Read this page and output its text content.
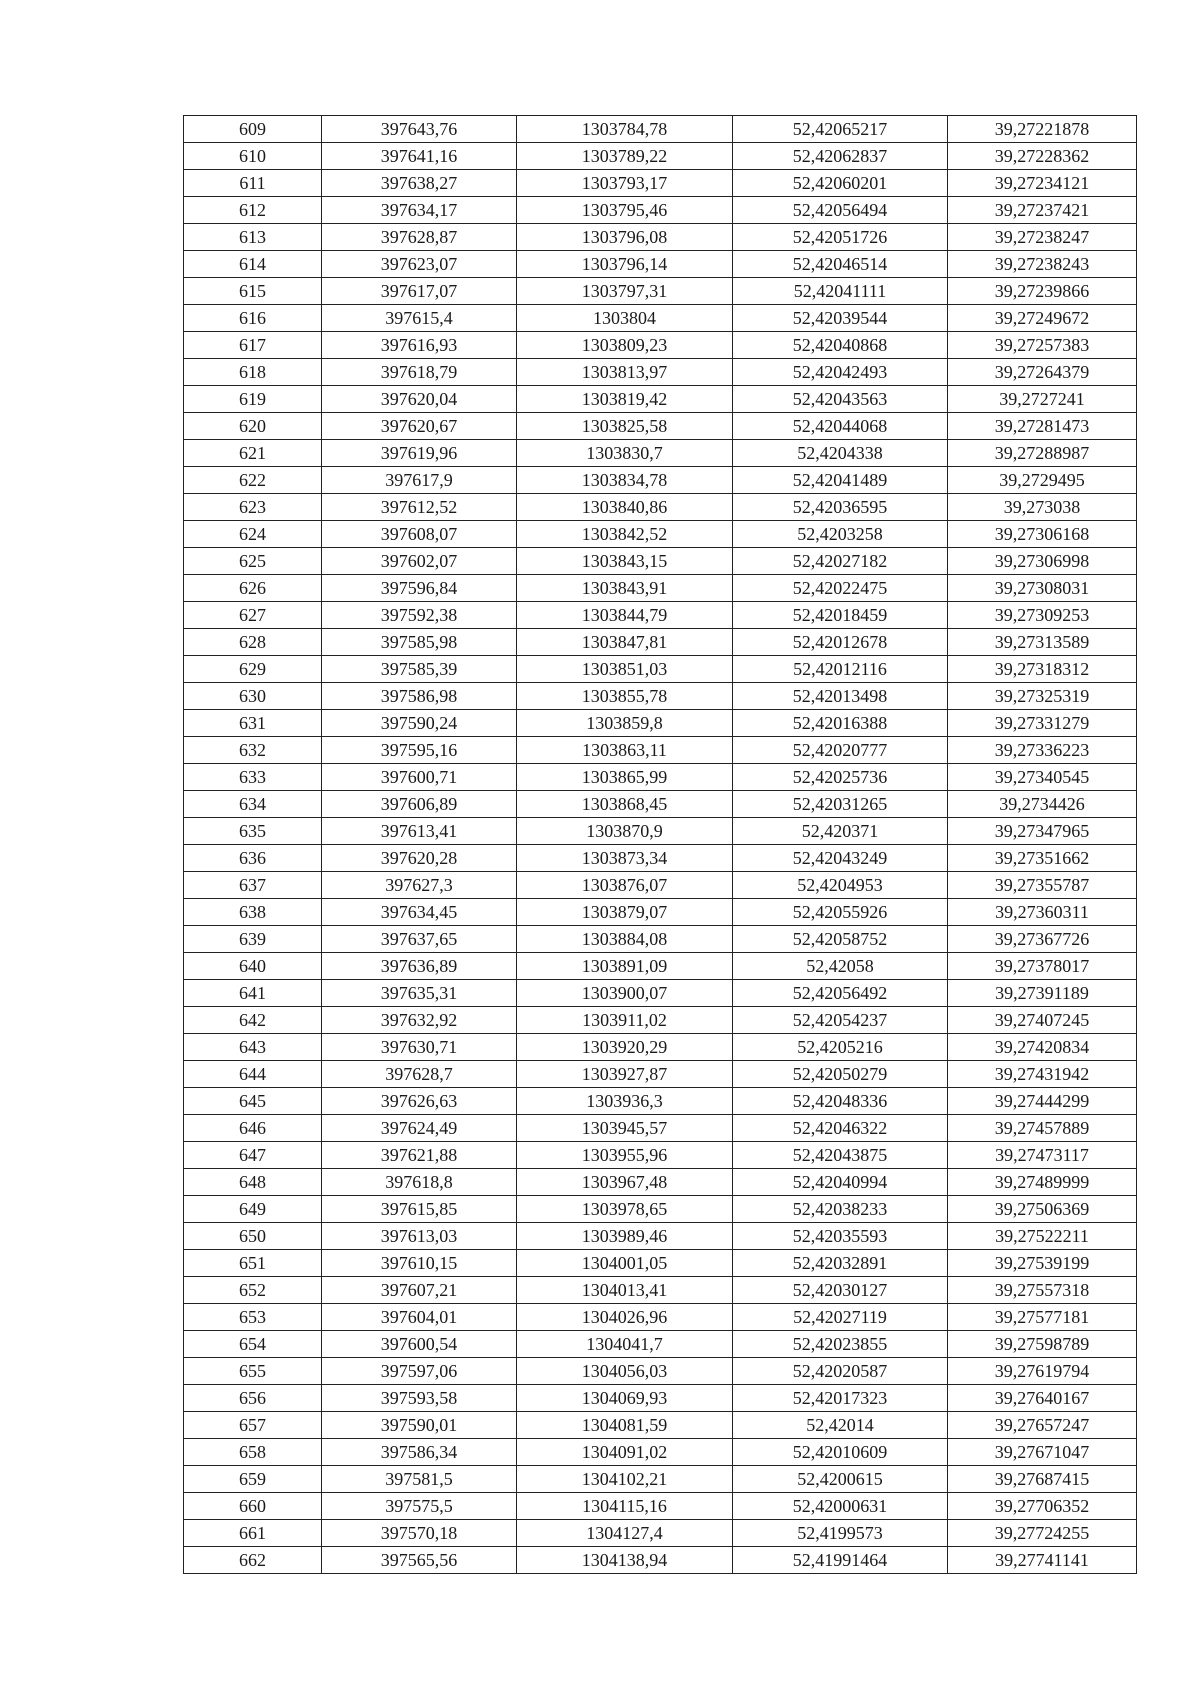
609	397643,76	1303784,78	52,42065217	39,27221878
610	397641,16	1303789,22	52,42062837	39,27228362
611	397638,27	1303793,17	52,42060201	39,27234121
612	397634,17	1303795,46	52,42056494	39,27237421
613	397628,87	1303796,08	52,42051726	39,27238247
614	397623,07	1303796,14	52,42046514	39,27238243
615	397617,07	1303797,31	52,42041111	39,27239866
616	397615,4	1303804	52,42039544	39,27249672
617	397616,93	1303809,23	52,42040868	39,27257383
618	397618,79	1303813,97	52,42042493	39,27264379
619	397620,04	1303819,42	52,42043563	39,2727241
620	397620,67	1303825,58	52,42044068	39,27281473
621	397619,96	1303830,7	52,4204338	39,27288987
622	397617,9	1303834,78	52,42041489	39,2729495
623	397612,52	1303840,86	52,42036595	39,273038
624	397608,07	1303842,52	52,4203258	39,27306168
625	397602,07	1303843,15	52,42027182	39,27306998
626	397596,84	1303843,91	52,42022475	39,27308031
627	397592,38	1303844,79	52,42018459	39,27309253
628	397585,98	1303847,81	52,42012678	39,27313589
629	397585,39	1303851,03	52,42012116	39,27318312
630	397586,98	1303855,78	52,42013498	39,27325319
631	397590,24	1303859,8	52,42016388	39,27331279
632	397595,16	1303863,11	52,42020777	39,27336223
633	397600,71	1303865,99	52,42025736	39,27340545
634	397606,89	1303868,45	52,42031265	39,2734426
635	397613,41	1303870,9	52,420371	39,27347965
636	397620,28	1303873,34	52,42043249	39,27351662
637	397627,3	1303876,07	52,4204953	39,27355787
638	397634,45	1303879,07	52,42055926	39,27360311
639	397637,65	1303884,08	52,42058752	39,27367726
640	397636,89	1303891,09	52,42058	39,27378017
641	397635,31	1303900,07	52,42056492	39,27391189
642	397632,92	1303911,02	52,42054237	39,27407245
643	397630,71	1303920,29	52,4205216	39,27420834
644	397628,7	1303927,87	52,42050279	39,27431942
645	397626,63	1303936,3	52,42048336	39,27444299
646	397624,49	1303945,57	52,42046322	39,27457889
647	397621,88	1303955,96	52,42043875	39,27473117
648	397618,8	1303967,48	52,42040994	39,27489999
649	397615,85	1303978,65	52,42038233	39,27506369
650	397613,03	1303989,46	52,42035593	39,27522211
651	397610,15	1304001,05	52,42032891	39,27539199
652	397607,21	1304013,41	52,42030127	39,27557318
653	397604,01	1304026,96	52,42027119	39,27577181
654	397600,54	1304041,7	52,42023855	39,27598789
655	397597,06	1304056,03	52,42020587	39,27619794
656	397593,58	1304069,93	52,42017323	39,27640167
657	397590,01	1304081,59	52,42014	39,27657247
658	397586,34	1304091,02	52,42010609	39,27671047
659	397581,5	1304102,21	52,4200615	39,27687415
660	397575,5	1304115,16	52,42000631	39,27706352
661	397570,18	1304127,4	52,4199573	39,27724255
662	397565,56	1304138,94	52,41991464	39,27741141
